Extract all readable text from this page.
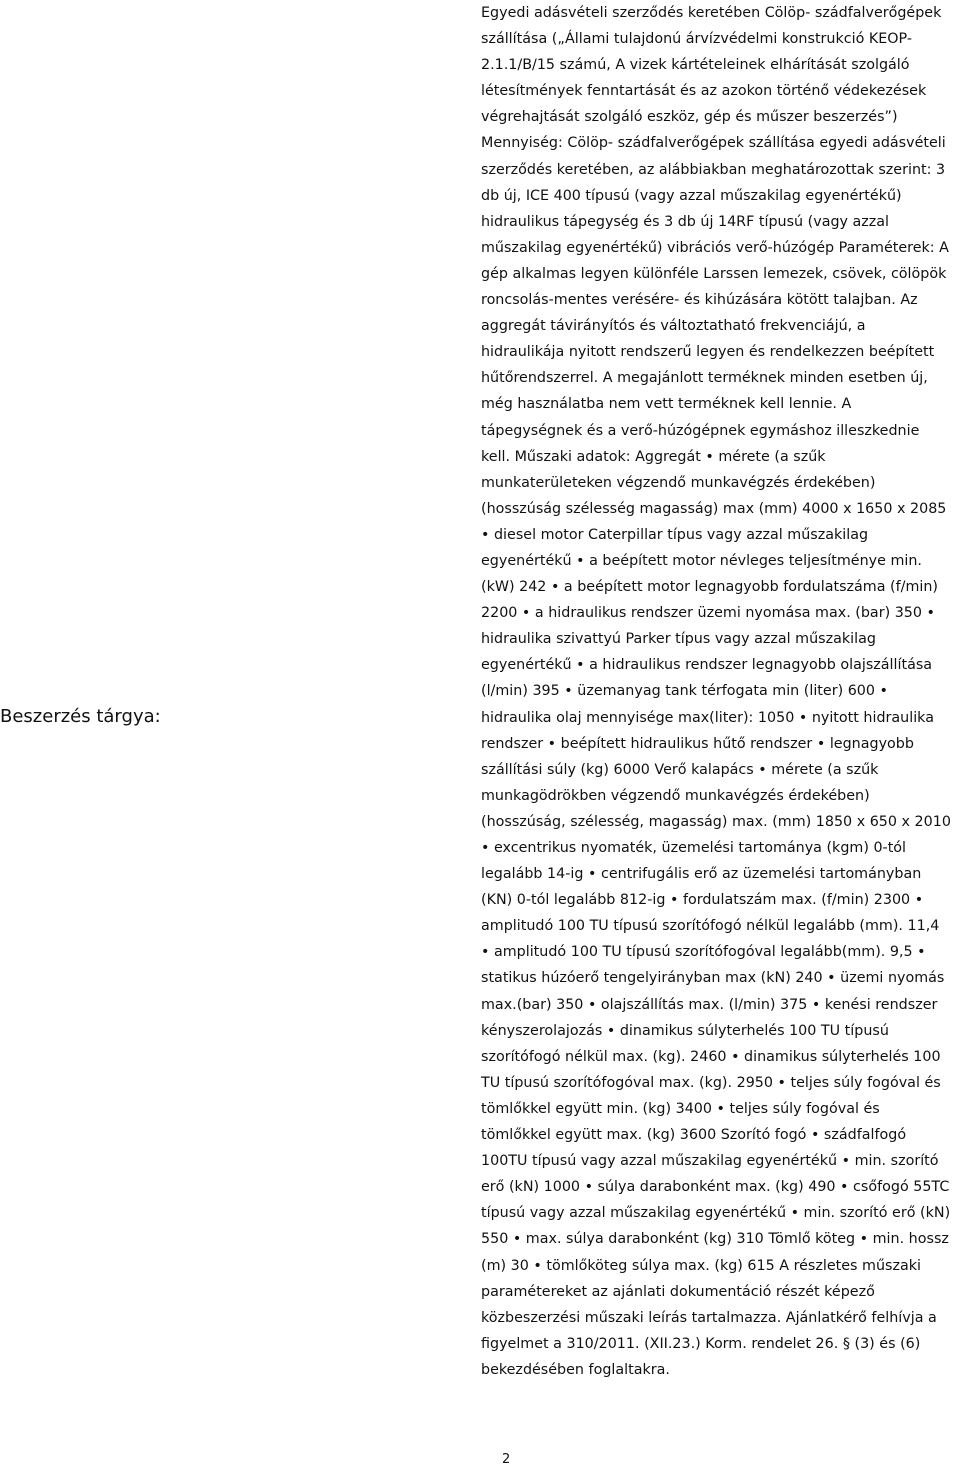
Beszerzés tárgya:

Egyedi adásvételi szerződés keretében Cölöp- szádfalverőgépek szállítása („Állami tulajdonú árvízvédelmi konstrukció KEOP-2.1.1/B/15 számú, A vizek kártételeinek elhárítását szolgáló létesítmények fenntartását és az azokon történő védekezések végrehajtását szolgáló eszköz, gép és műszer beszerzés”) Mennyiség: Cölöp- szádfalverőgépek szállítása egyedi adásvételi szerződés keretében, az alábbiakban meghatározottak szerint: 3 db új, ICE 400 típusú (vagy azzal műszakilag egyenértékű) hidraulikus tápegység és 3 db új 14RF típusú (vagy azzal műszakilag egyenértékű) vibrációs verő-húzógép Paraméterek: A gép alkalmas legyen különféle Larssen lemezek, csövek, cölöpök roncsolás-mentes verésére- és kihúzására kötött talajban. Az aggregát távirányítós és változtatható frekvenciájú, a hidraulikája nyitott rendszerű legyen és rendelkezzen beépített hűtőrendszerrel. A megajánlott terméknek minden esetben új, még használatba nem vett terméknek kell lennie. A tápegységnek és a verő-húzógépnek egymáshoz illeszkednie kell. Műszaki adatok: Aggregát • mérete (a szűk munkaterületeken végzendő munkavégzés érdekében) (hosszúság szélesség magasság) max (mm) 4000 x 1650 x 2085 • diesel motor Caterpillar típus vagy azzal műszakilag egyenértékű • a beépített motor névleges teljesítménye min. (kW) 242 • a beépített motor legnagyobb fordulatszáma (f/min) 2200 • a hidraulikus rendszer üzemi nyomása max. (bar) 350 • hidraulika szivattyú Parker típus vagy azzal műszakilag egyenértékű • a hidraulikus rendszer legnagyobb olajszállítása (l/min) 395 • üzemanyag tank térfogata min (liter) 600 • hidraulika olaj mennyisége max(liter): 1050 • nyitott hidraulika rendszer • beépített hidraulikus hűtő rendszer • legnagyobb szállítási súly (kg) 6000 Verő kalapács • mérete (a szűk munkagödrökben végzendő munkavégzés érdekében) (hosszúság, szélesség, magasság) max. (mm) 1850 x 650 x 2010 • excentrikus nyomaték, üzemelési tartománya (kgm) 0-tól legalább 14-ig • centrifugális erő az üzemelési tartományban (KN) 0-tól legalább 812-ig • fordulatszám max. (f/min) 2300 • amplitudó 100 TU típusú szorítófogó nélkül legalább (mm). 11,4 • amplitudó 100 TU típusú szorítófogóval legalább(mm). 9,5 • statikus húzóerő tengelyirányban max (kN) 240 • üzemi nyomás max.(bar) 350 • olajszállítás max. (l/min) 375 • kenési rendszer kényszerolajozás • dinamikus súlyterhelés 100 TU típusú szorítófogó nélkül max. (kg). 2460 • dinamikus súlyterhelés 100 TU típusú szorítófogóval max. (kg). 2950 • teljes súly fogóval és tömlőkkel együtt min. (kg) 3400 • teljes súly fogóval és tömlőkkel együtt max. (kg) 3600 Szorító fogó • szádfalfogó 100TU típusú vagy azzal műszakilag egyenértékű • min. szorító erő (kN) 1000 • súlya darabonként max. (kg) 490 • csőfogó 55TC típusú vagy azzal műszakilag egyenértékű • min. szorító erő (kN) 550 • max. súlya darabonként (kg) 310 Tömlő köteg • min. hossz (m) 30 • tömlőköteg súlya max. (kg) 615 A részletes műszaki paramétereket az ajánlati dokumentáció részét képező közbeszerzési műszaki leírás tartalmazza. Ajánlatkérő felhívja a figyelmet a 310/2011. (XII.23.) Korm. rendelet 26. § (3) és (6) bekezdésében foglaltakra.

2
